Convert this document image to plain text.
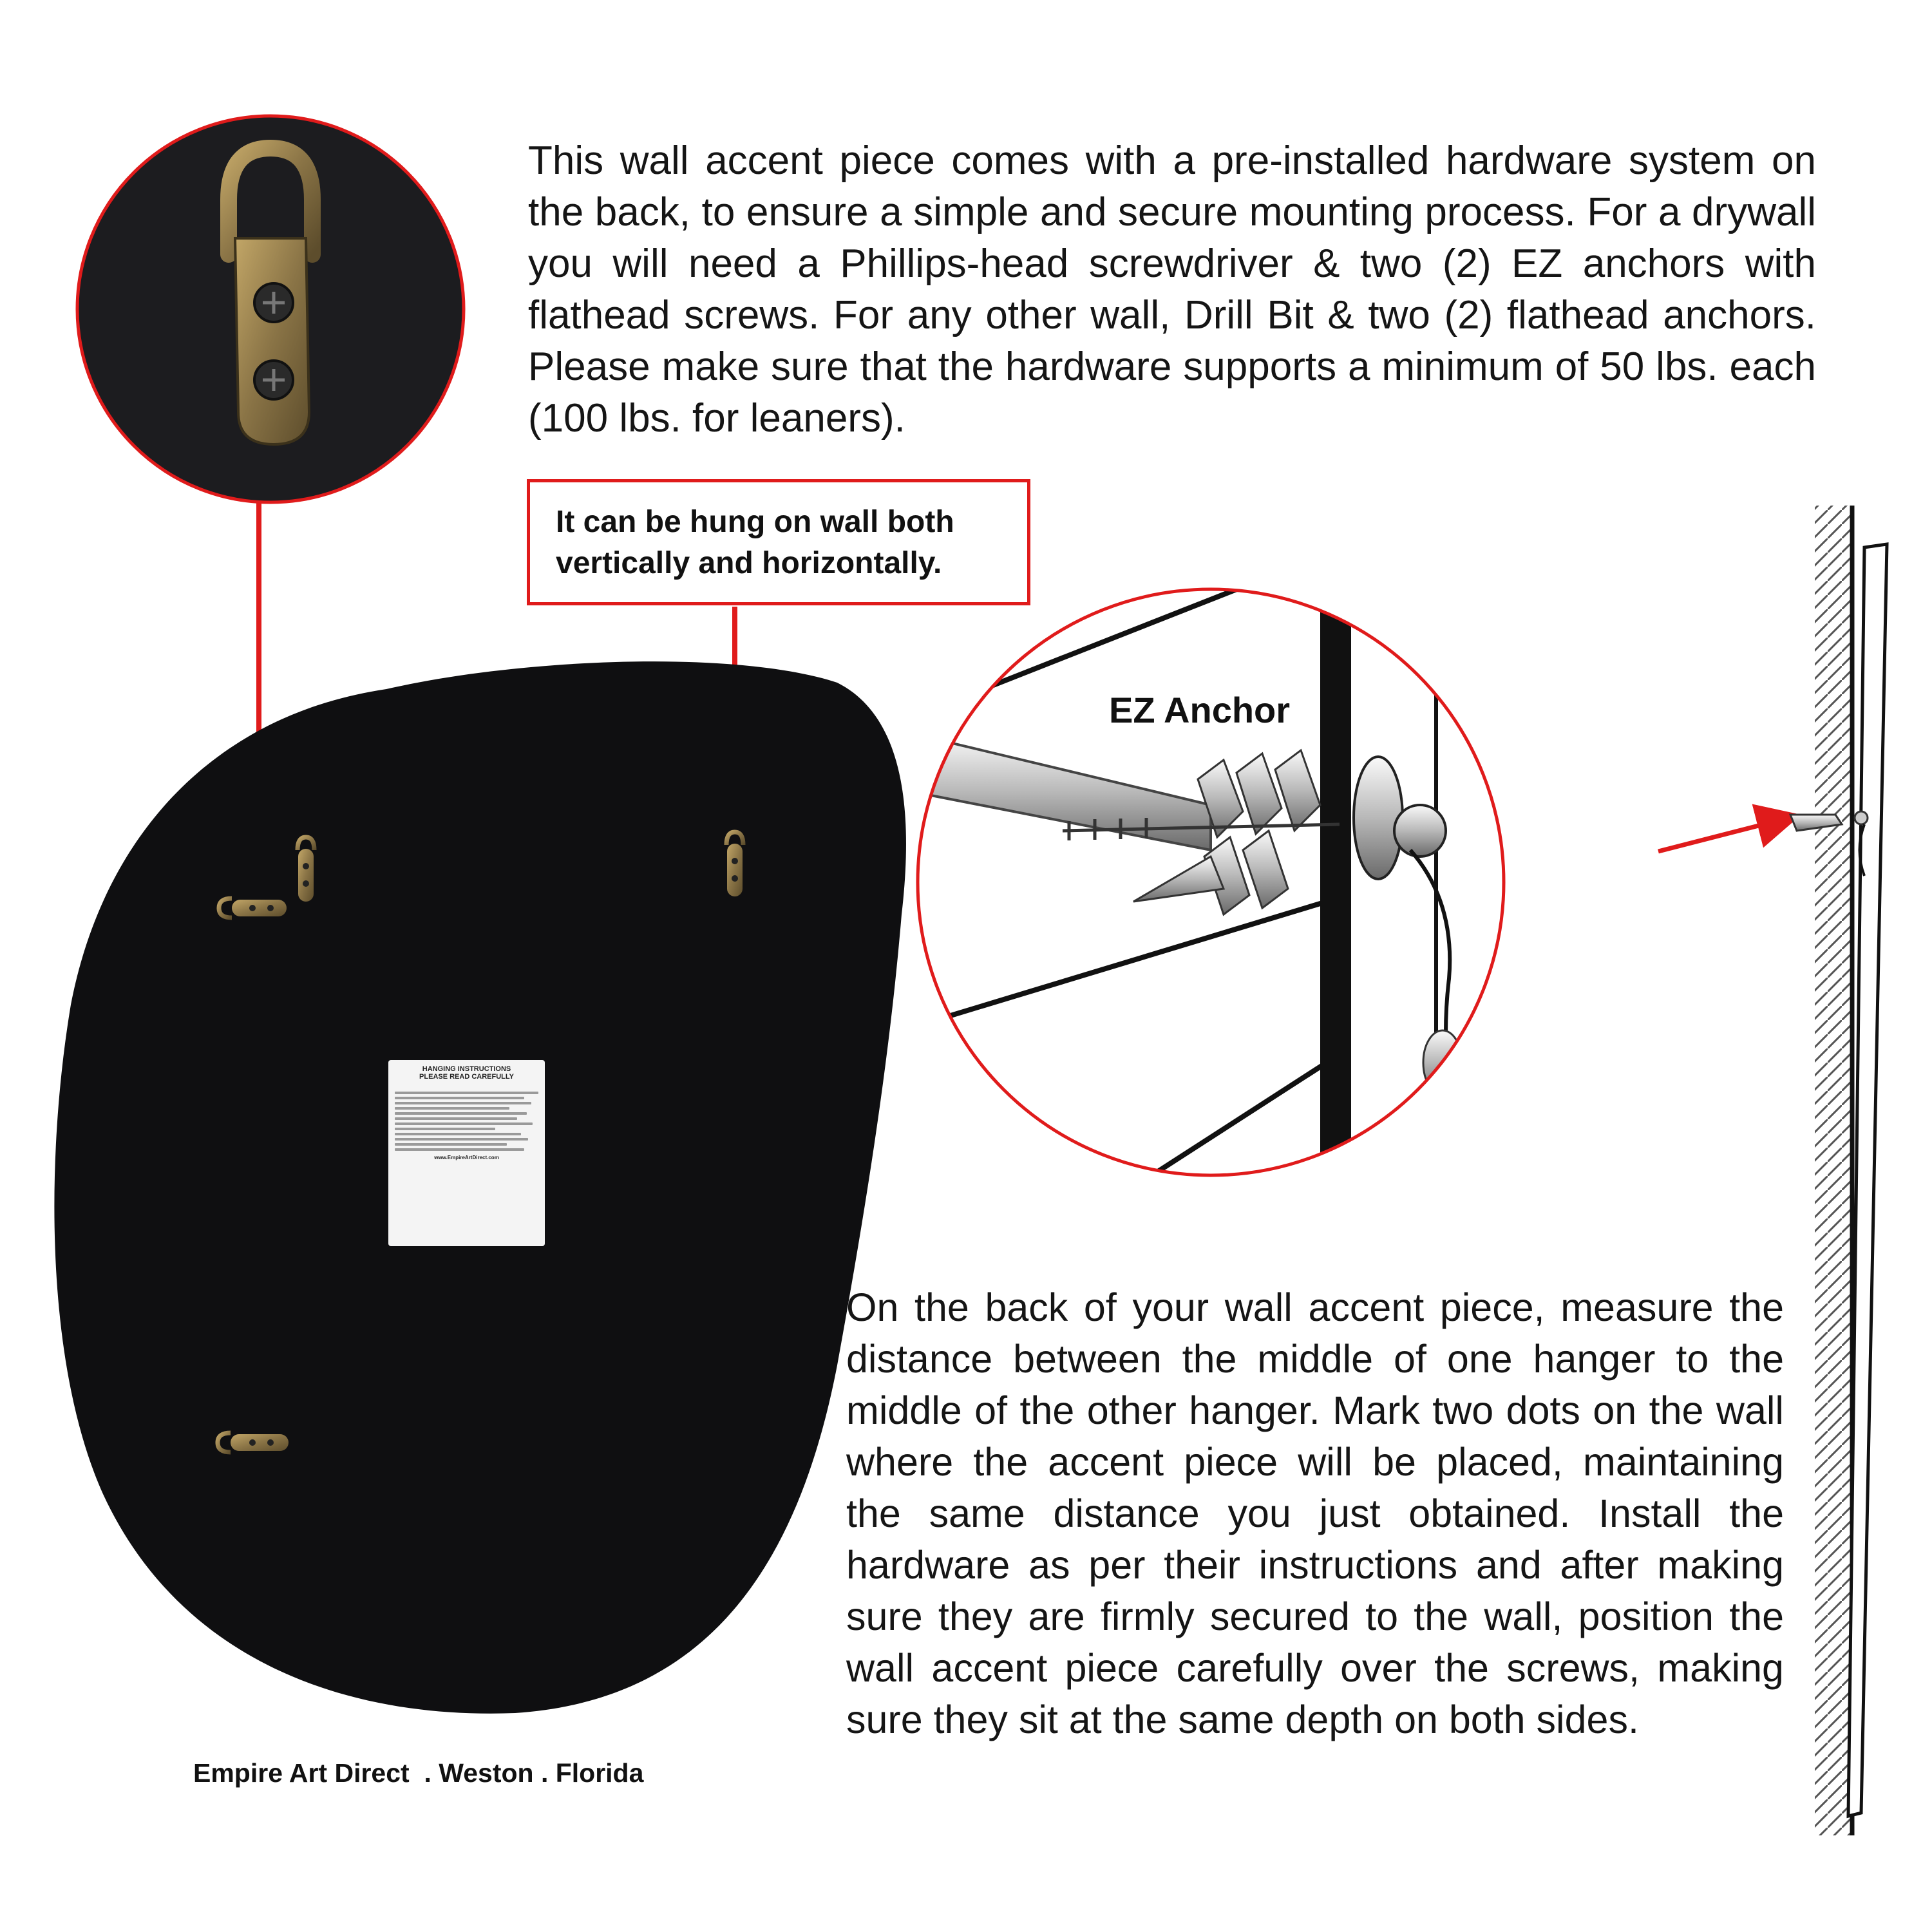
HANGING INSTRUCTIONS
PLEASE READ CAREFULLY

www.EmpireArtDirect.com
This wall accent piece comes with a pre-installed hardware system on the back, to ensure a simple and secure mounting process. For a drywall you will need a Phillips-head screwdriver & two (2) EZ anchors with flathead screws. For any other wall, Drill Bit & two (2) flathead anchors. Please make sure that the hardware supports a minimum of 50 lbs. each (100 lbs. for leaners).
It can be hung on wall both vertically and horizontally.
EZ Anchor
On the back of your wall accent piece, measure the distance between the middle of one hanger to the middle of the other hanger. Mark two dots on the wall where the accent piece will be placed, maintaining the same distance you just obtained. Install the hardware as per their instructions and after making sure they are firmly secured to the wall, position the wall accent piece carefully over the screws, making sure they sit at the same depth on both sides.
Empire Art Direct  . Weston . Florida
